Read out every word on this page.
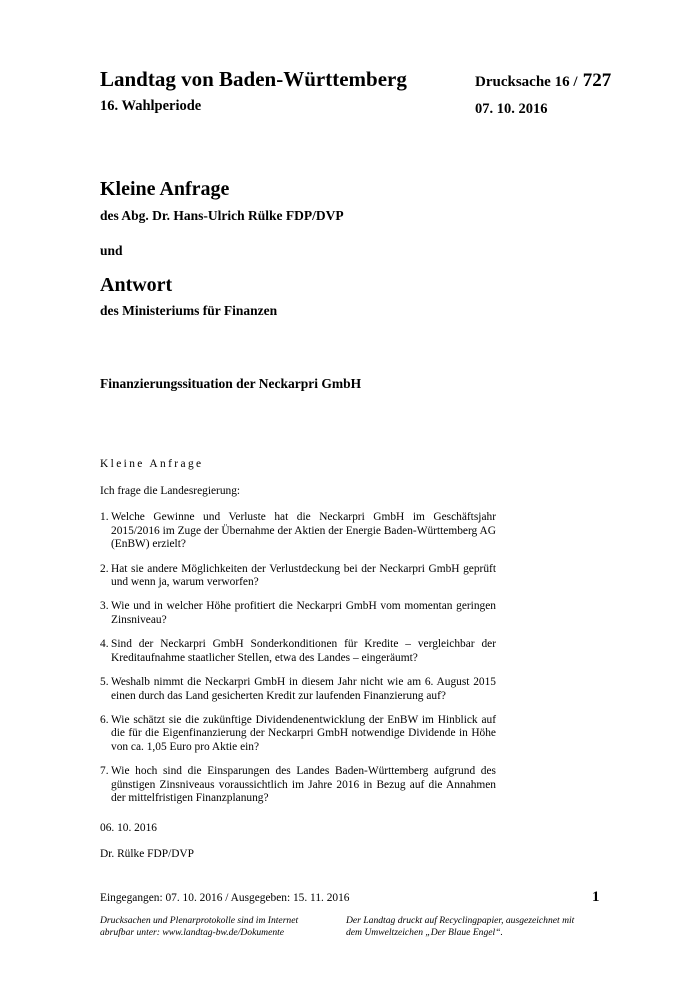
Landtag von Baden-Württemberg
16. Wahlperiode
Drucksache 16 / 727
07. 10. 2016
Kleine Anfrage
des Abg. Dr. Hans-Ulrich Rülke FDP/DVP
und
Antwort
des Ministeriums für Finanzen
Finanzierungssituation der Neckarpri GmbH

Kleine Anfrage

Ich frage die Landesregierung:

1. Welche Gewinne und Verluste hat die Neckarpri GmbH im Geschäftsjahr 2015/2016 im Zuge der Übernahme der Aktien der Energie Baden-Württemberg AG (EnBW) erzielt?
2. Hat sie andere Möglichkeiten der Verlustdeckung bei der Neckarpri GmbH geprüft und wenn ja, warum verworfen?
3. Wie und in welcher Höhe profitiert die Neckarpri GmbH vom momentan geringen Zinsniveau?
4. Sind der Neckarpri GmbH Sonderkonditionen für Kredite – vergleichbar der Kreditaufnahme staatlicher Stellen, etwa des Landes – eingeräumt?
5. Weshalb nimmt die Neckarpri GmbH in diesem Jahr nicht wie am 6. August 2015 einen durch das Land gesicherten Kredit zur laufenden Finanzierung auf?
6. Wie schätzt sie die zukünftige Dividendenentwicklung der EnBW im Hinblick auf die für die Eigenfinanzierung der Neckarpri GmbH notwendige Dividende in Höhe von ca. 1,05 Euro pro Aktie ein?
7. Wie hoch sind die Einsparungen des Landes Baden-Württemberg aufgrund des günstigen Zinsniveaus voraussichtlich im Jahre 2016 in Bezug auf die Annahmen der mittelfristigen Finanzplanung?

06. 10. 2016

Dr. Rülke FDP/DVP

Eingegangen: 07. 10. 2016 / Ausgegeben: 15. 11. 2016	1
Drucksachen und Plenarprotokolle sind im Internet abrufbar unter: www.landtag-bw.de/Dokumente
Der Landtag druckt auf Recyclingpapier, ausgezeichnet mit dem Umweltzeichen „Der Blaue Engel“.
